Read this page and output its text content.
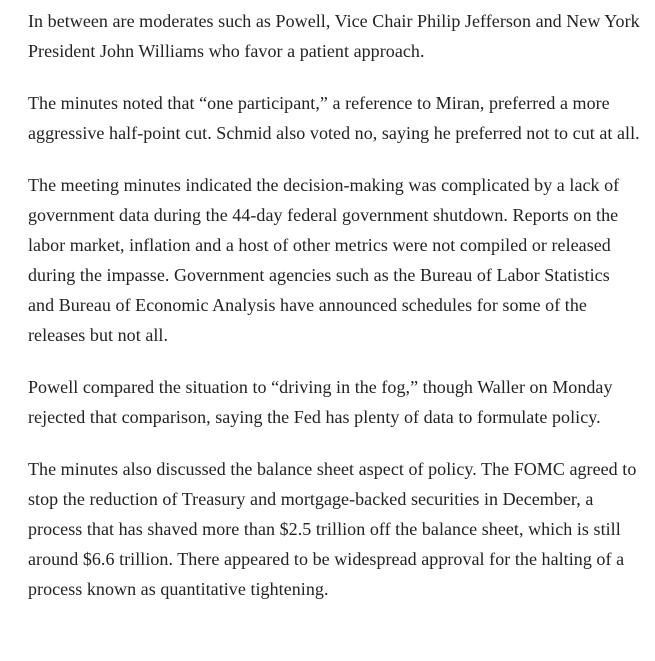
In between are moderates such as Powell, Vice Chair Philip Jefferson and New York President John Williams who favor a patient approach.

The minutes noted that “one participant,” a reference to Miran, preferred a more aggressive half-point cut. Schmid also voted no, saying he preferred not to cut at all.

The meeting minutes indicated the decision-making was complicated by a lack of government data during the 44-day federal government shutdown. Reports on the labor market, inflation and a host of other metrics were not compiled or released during the impasse. Government agencies such as the Bureau of Labor Statistics and Bureau of Economic Analysis have announced schedules for some of the releases but not all.

Powell compared the situation to “driving in the fog,” though Waller on Monday rejected that comparison, saying the Fed has plenty of data to formulate policy.

The minutes also discussed the balance sheet aspect of policy. The FOMC agreed to stop the reduction of Treasury and mortgage-backed securities in December, a process that has shaved more than $2.5 trillion off the balance sheet, which is still around $6.6 trillion. There appeared to be widespread approval for the halting of a process known as quantitative tightening.
